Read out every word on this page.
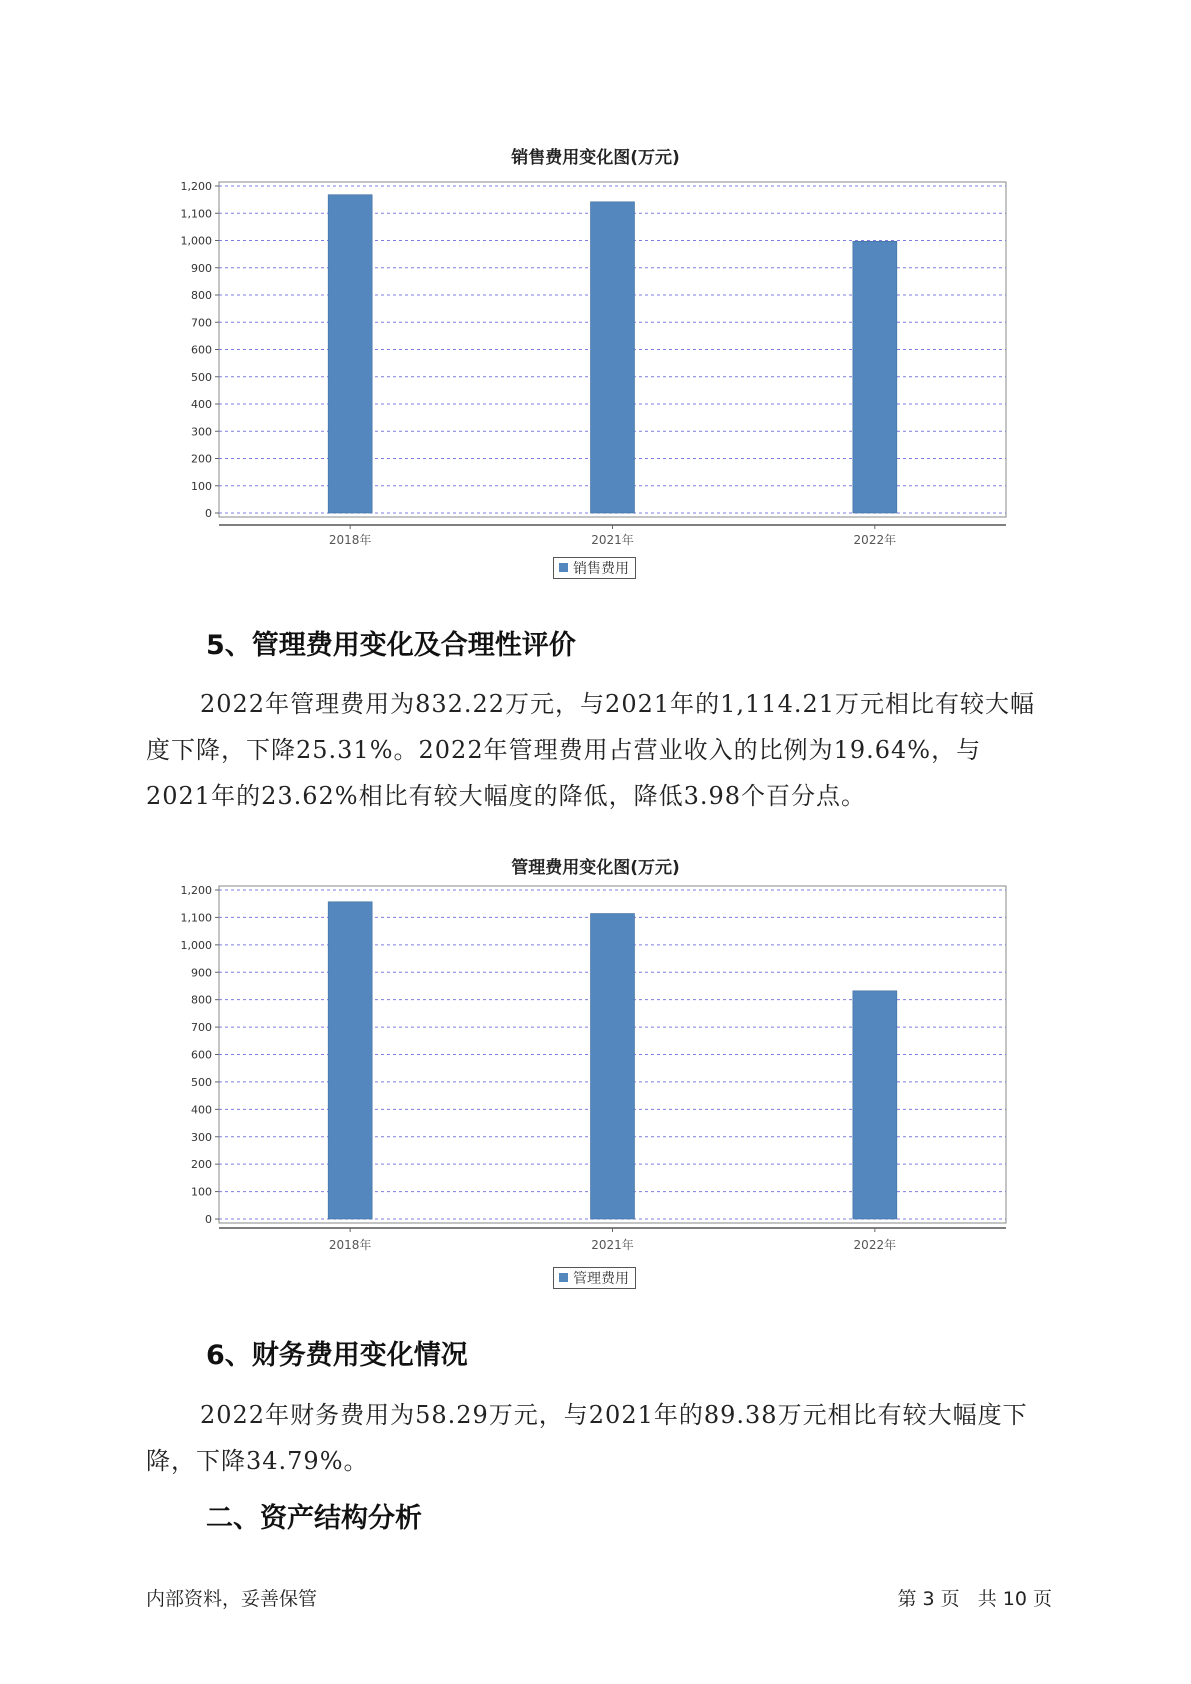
销售费用变化图(万元)
0
100
200
300
400
500
600
700
800
900
1,000
1,100
1,200
2018年	2021年	2022年
销售费用
5、管理费用变化及合理性评价

2022年管理费用为832.22万元，与2021年的1,114.21万元相比有较大幅度下降，下降25.31%。2022年管理费用占营业收入的比例为19.64%，与2021年的23.62%相比有较大幅度的降低，降低3.98个百分点。

管理费用变化图(万元)
0
100
200
300
400
500
600
700
800
900
1,000
1,100
1,200
2018年	2021年	2022年
管理费用
6、财务费用变化情况

2022年财务费用为58.29万元，与2021年的89.38万元相比有较大幅度下降，下降34.79%。

二、资产结构分析
内部资料，妥善保管	第 3 页   共 10 页
